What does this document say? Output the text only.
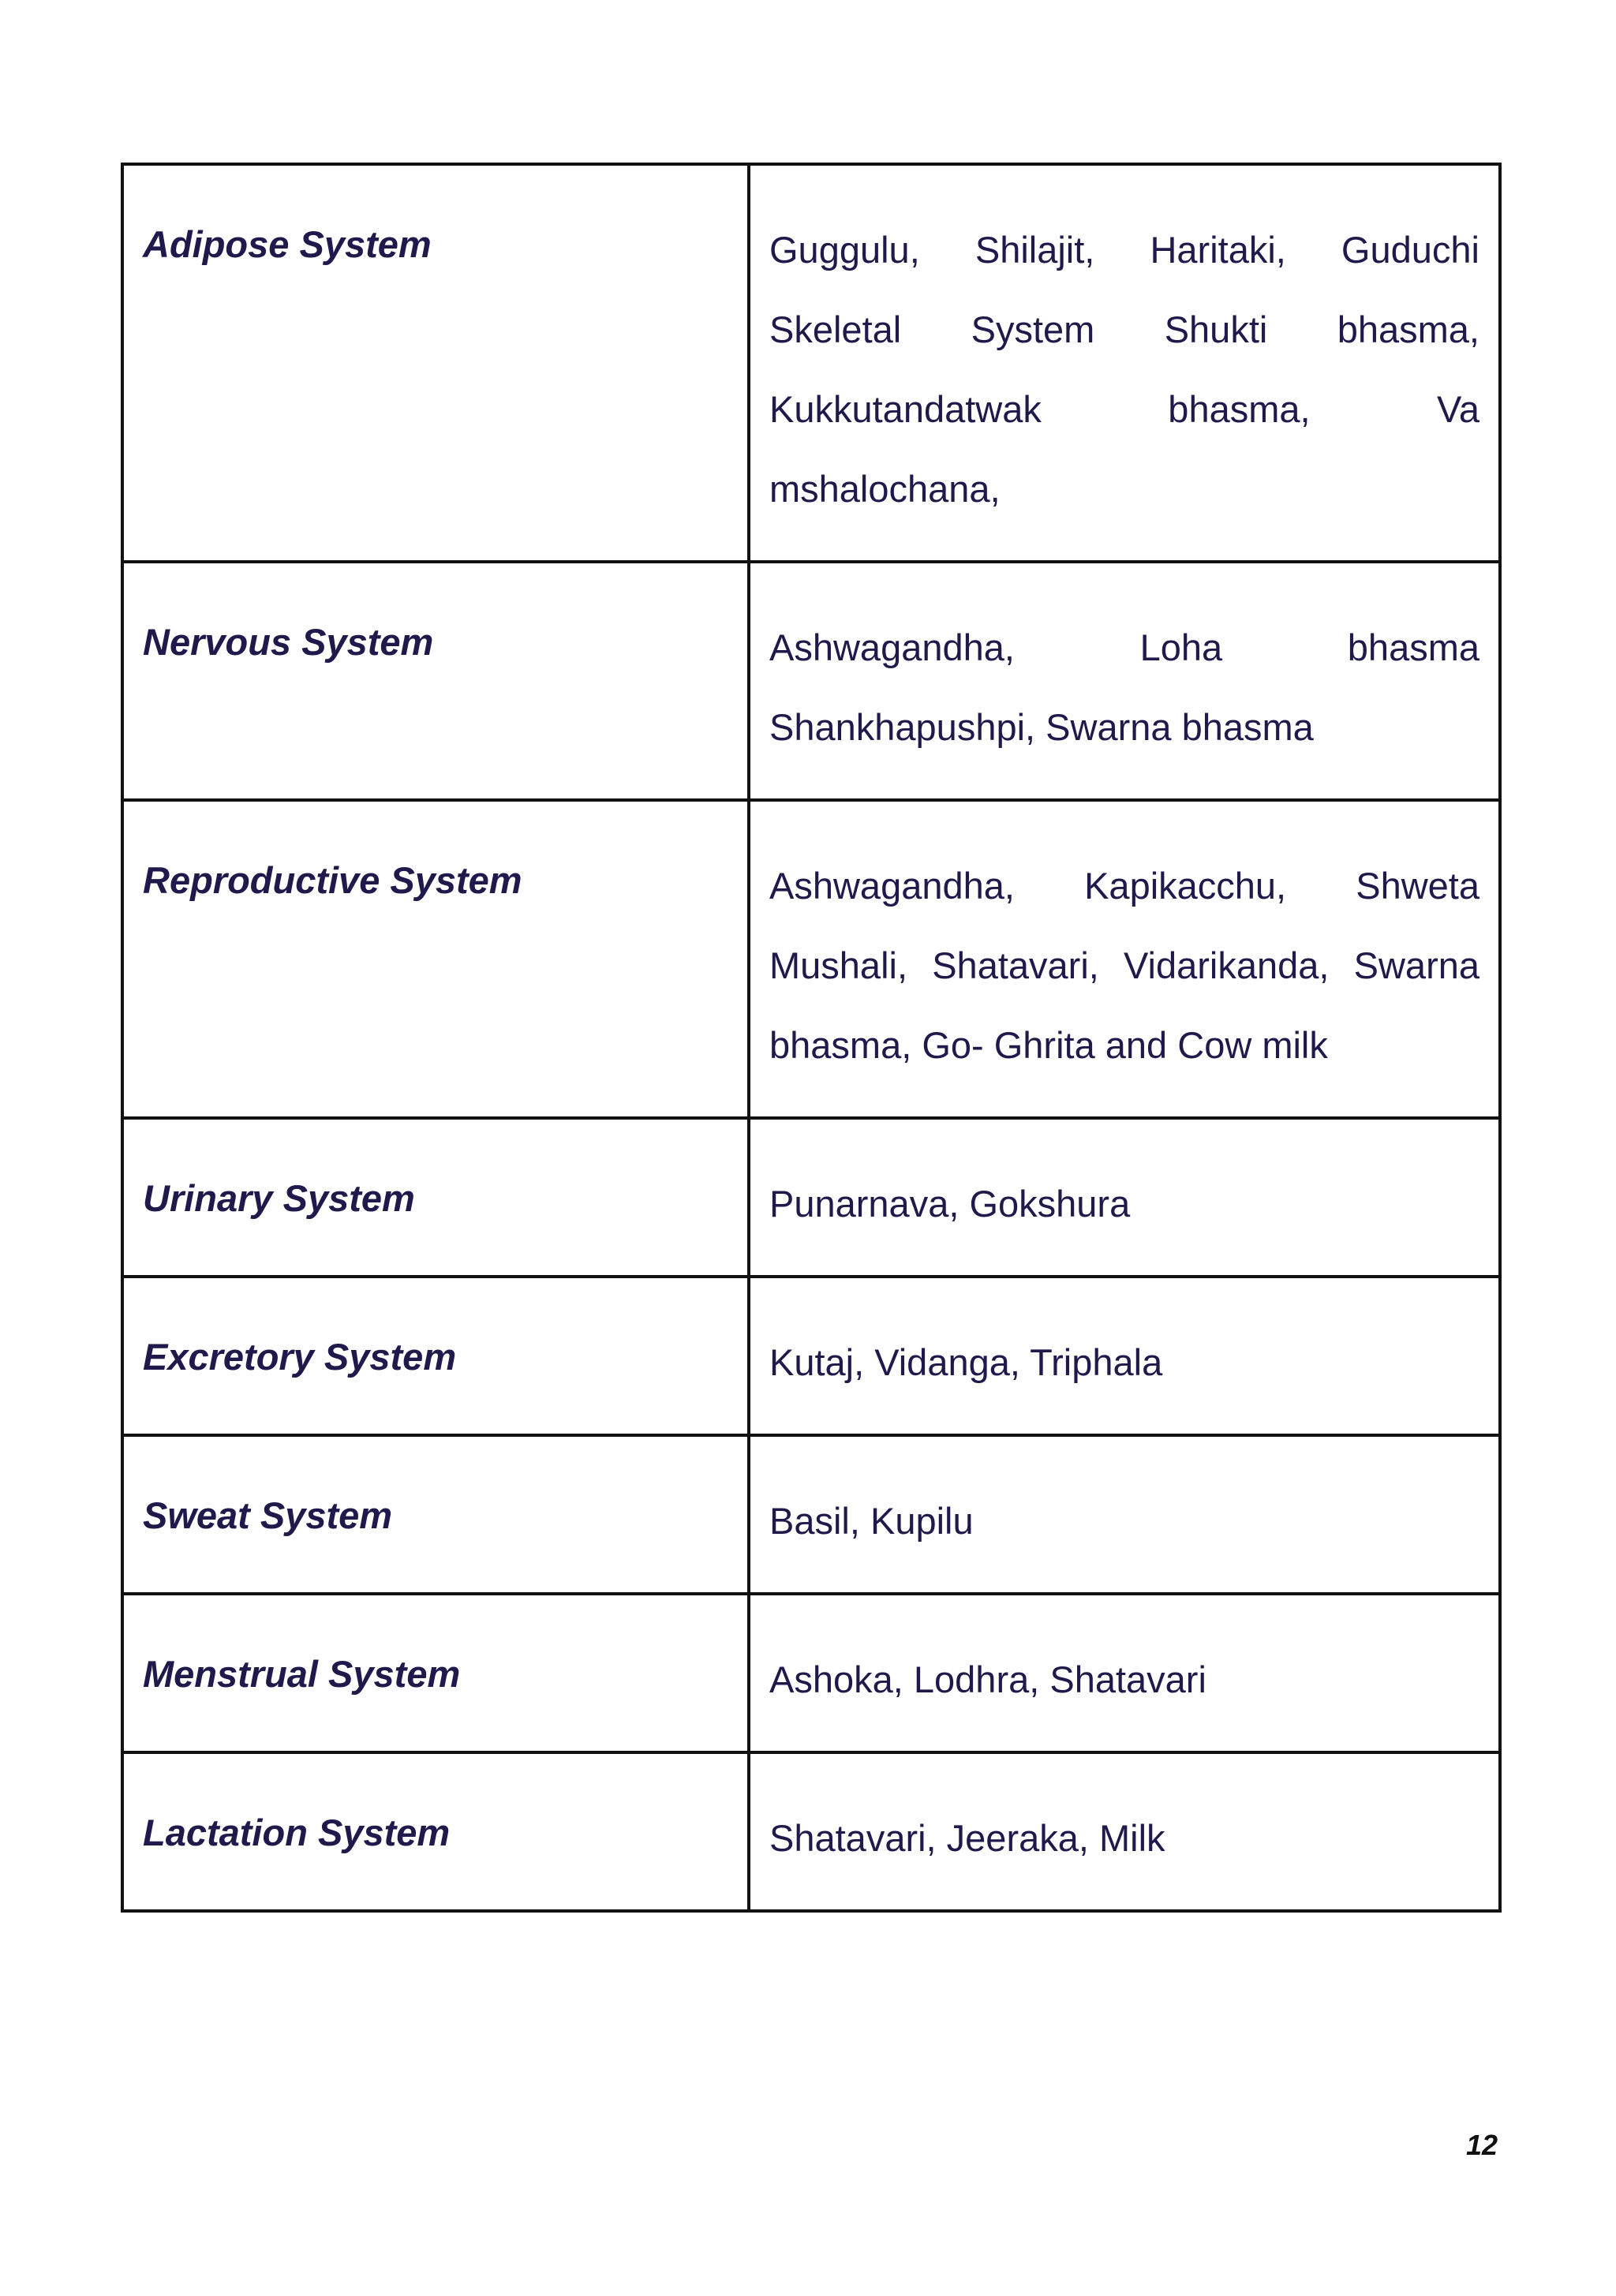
Adipose System	Guggulu, Shilajit, Haritaki, Guduchi Skeletal System Shukti bhasma, Kukkutandatwak bhasma, Va mshalochana,
Nervous System	Ashwagandha, Loha bhasma Shankhapushpi, Swarna bhasma
Reproductive System	Ashwagandha, Kapikacchu, Shweta Mushali, Shatavari, Vidarikanda, Swarna bhasma, Go- Ghrita and Cow milk
Urinary System	Punarnava, Gokshura
Excretory System	Kutaj, Vidanga, Triphala
Sweat System	Basil, Kupilu
Menstrual System	Ashoka, Lodhra, Shatavari
Lactation System	Shatavari, Jeeraka, Milk
12
